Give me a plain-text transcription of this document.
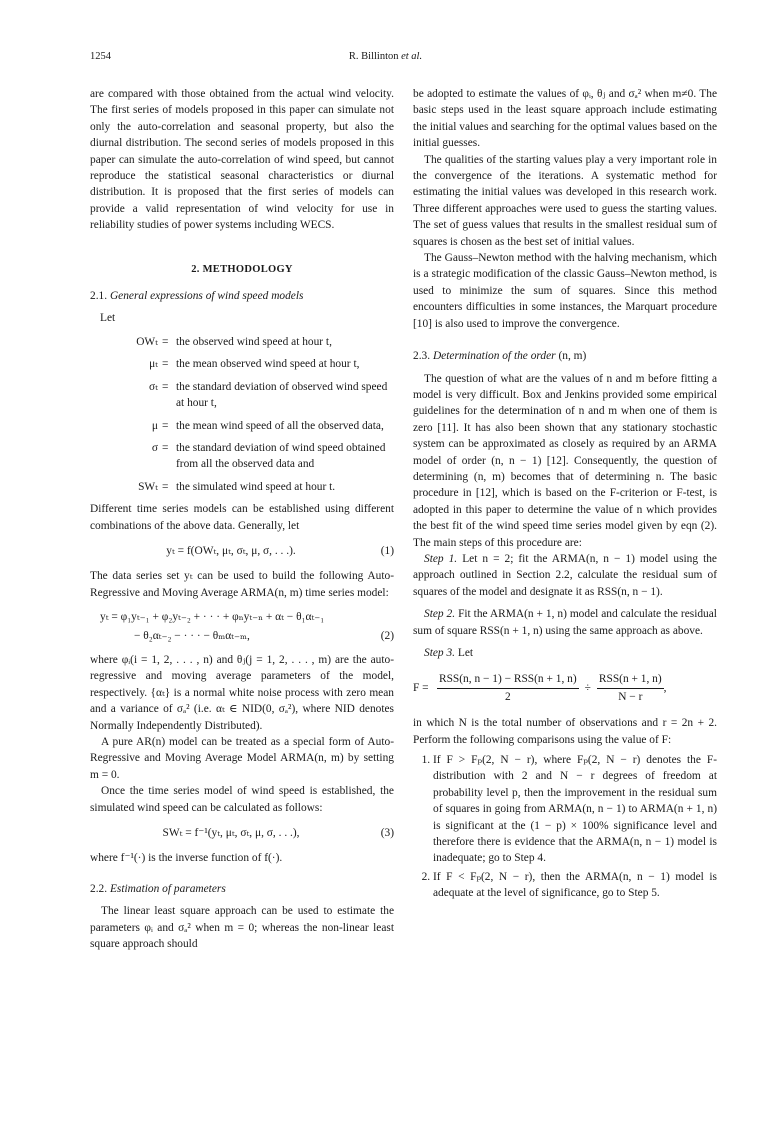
1254	R. Billinton et al.

are compared with those obtained from the actual wind velocity. The first series of models proposed in this paper can simulate not only the auto-correlation and seasonal property, but also the diurnal distribution. The second series of models proposed in this paper can simulate the auto-correlation of wind speed, but cannot reproduce the statistical seasonal characteristics or diurnal distribution. It is proposed that the first series of models can provide a valid representation of wind velocity for use in reliability studies of power systems including WECS.

2. METHODOLOGY
2.1. General expressions of wind speed models
Let
OWₜ = the observed wind speed at hour t,
μₜ = the mean observed wind speed at hour t,
σₜ = the standard deviation of observed wind speed at hour t,
μ = the mean wind speed of all the observed data,
σ = the standard deviation of wind speed obtained from all the observed data and
SWₜ = the simulated wind speed at hour t.

Different time series models can be established using different combinations of the above data. Generally, let

yₜ = f(OWₜ, μₜ, σₜ, μ, σ, . . .).	(1)

The data series set yₜ can be used to build the following Auto-Regressive and Moving Average ARMA(n, m) time series model:

yₜ = φ₁yₜ₋₁ + φ₂yₜ₋₂ + · · · + φₙyₜ₋ₙ + αₜ − θ₁αₜ₋₁
− θ₂αₜ₋₂ − · · · − θₘαₜ₋ₘ,	(2)

where φᵢ(i = 1, 2, . . . , n) and θⱼ(j = 1, 2, . . . , m) are the auto-regressive and moving average parameters of the model, respectively. {αₜ} is a normal white noise process with zero mean and a variance of σₐ² (i.e. αₜ ∈ NID(0, σₐ²), where NID denotes Normally Independently Distributed).

A pure AR(n) model can be treated as a special form of Auto-Regressive and Moving Average Model ARMA(n, m) by setting m = 0.

Once the time series model of wind speed is established, the simulated wind speed can be calculated as follows:

SWₜ = f⁻¹(yₜ, μₜ, σₜ, μ, σ, . . .),	(3)

where f⁻¹(·) is the inverse function of f(·).

2.2. Estimation of parameters

The linear least square approach can be used to estimate the parameters φᵢ and σₐ² when m = 0; whereas the non-linear least square approach should

be adopted to estimate the values of φᵢ, θⱼ and σₐ² when m≠0. The basic steps used in the least square approach include estimating the initial values and searching for the optimal values based on the initial guesses.

The qualities of the starting values play a very important role in the convergence of the iterations. A systematic method for estimating the initial values was developed in this research work. Three different approaches were used to guess the starting values. The set of guess values that results in the smallest residual sum of squares is chosen as the best set of initial values.

The Gauss–Newton method with the halving mechanism, which is a strategic modification of the classic Gauss–Newton method, is used to minimize the sum of squares. Since this method encounters difficulties in some instances, the Marquart procedure [10] is also used to improve the convergence.

2.3. Determination of the order (n, m)

The question of what are the values of n and m before fitting a model is very difficult. Box and Jenkins provided some empirical guidelines for the determination of n and m when one of them is zero [11]. It has also been shown that any stationary stochastic system can be approximated as closely as required by an ARMA model of order (n, n − 1) [12]. Consequently, the question of determining (n, m) becomes that of determining n. The basic procedure in [12], which is based on the F-criterion or F-test, is adopted in this paper to determine the value of n which provides the best fit of the wind speed time series model given by eqn (2). The main steps of this procedure are:

Step 1. Let n = 2; fit the ARMA(n, n − 1) model using the approach outlined in Section 2.2, calculate the residual sum of squares of the model and designate it as RSS(n, n − 1).

Step 2. Fit the ARMA(n + 1, n) model and calculate the residual sum of square RSS(n + 1, n) using the same approach as above.

Step 3. Let

F =
RSS(n, n − 1) − RSS(n + 1, n)
2
÷
RSS(n + 1, n)
N − r
,

in which N is the total number of observations and r = 2n + 2. Perform the following comparisons using the value of F:

1. If F > Fₚ(2, N − r), where Fₚ(2, N − r) denotes the F-distribution with 2 and N − r degrees of freedom at probability level p, then the improvement in the residual sum of squares in going from ARMA(n, n − 1) to ARMA(n + 1, n) is significant at the (1 − p) × 100% significance level and therefore there is evidence that the ARMA(n, n − 1) model is inadequate; go to Step 4.
2. If F < Fₚ(2, N − r), then the ARMA(n, n − 1) model is adequate at the level of significance, go to Step 5.
